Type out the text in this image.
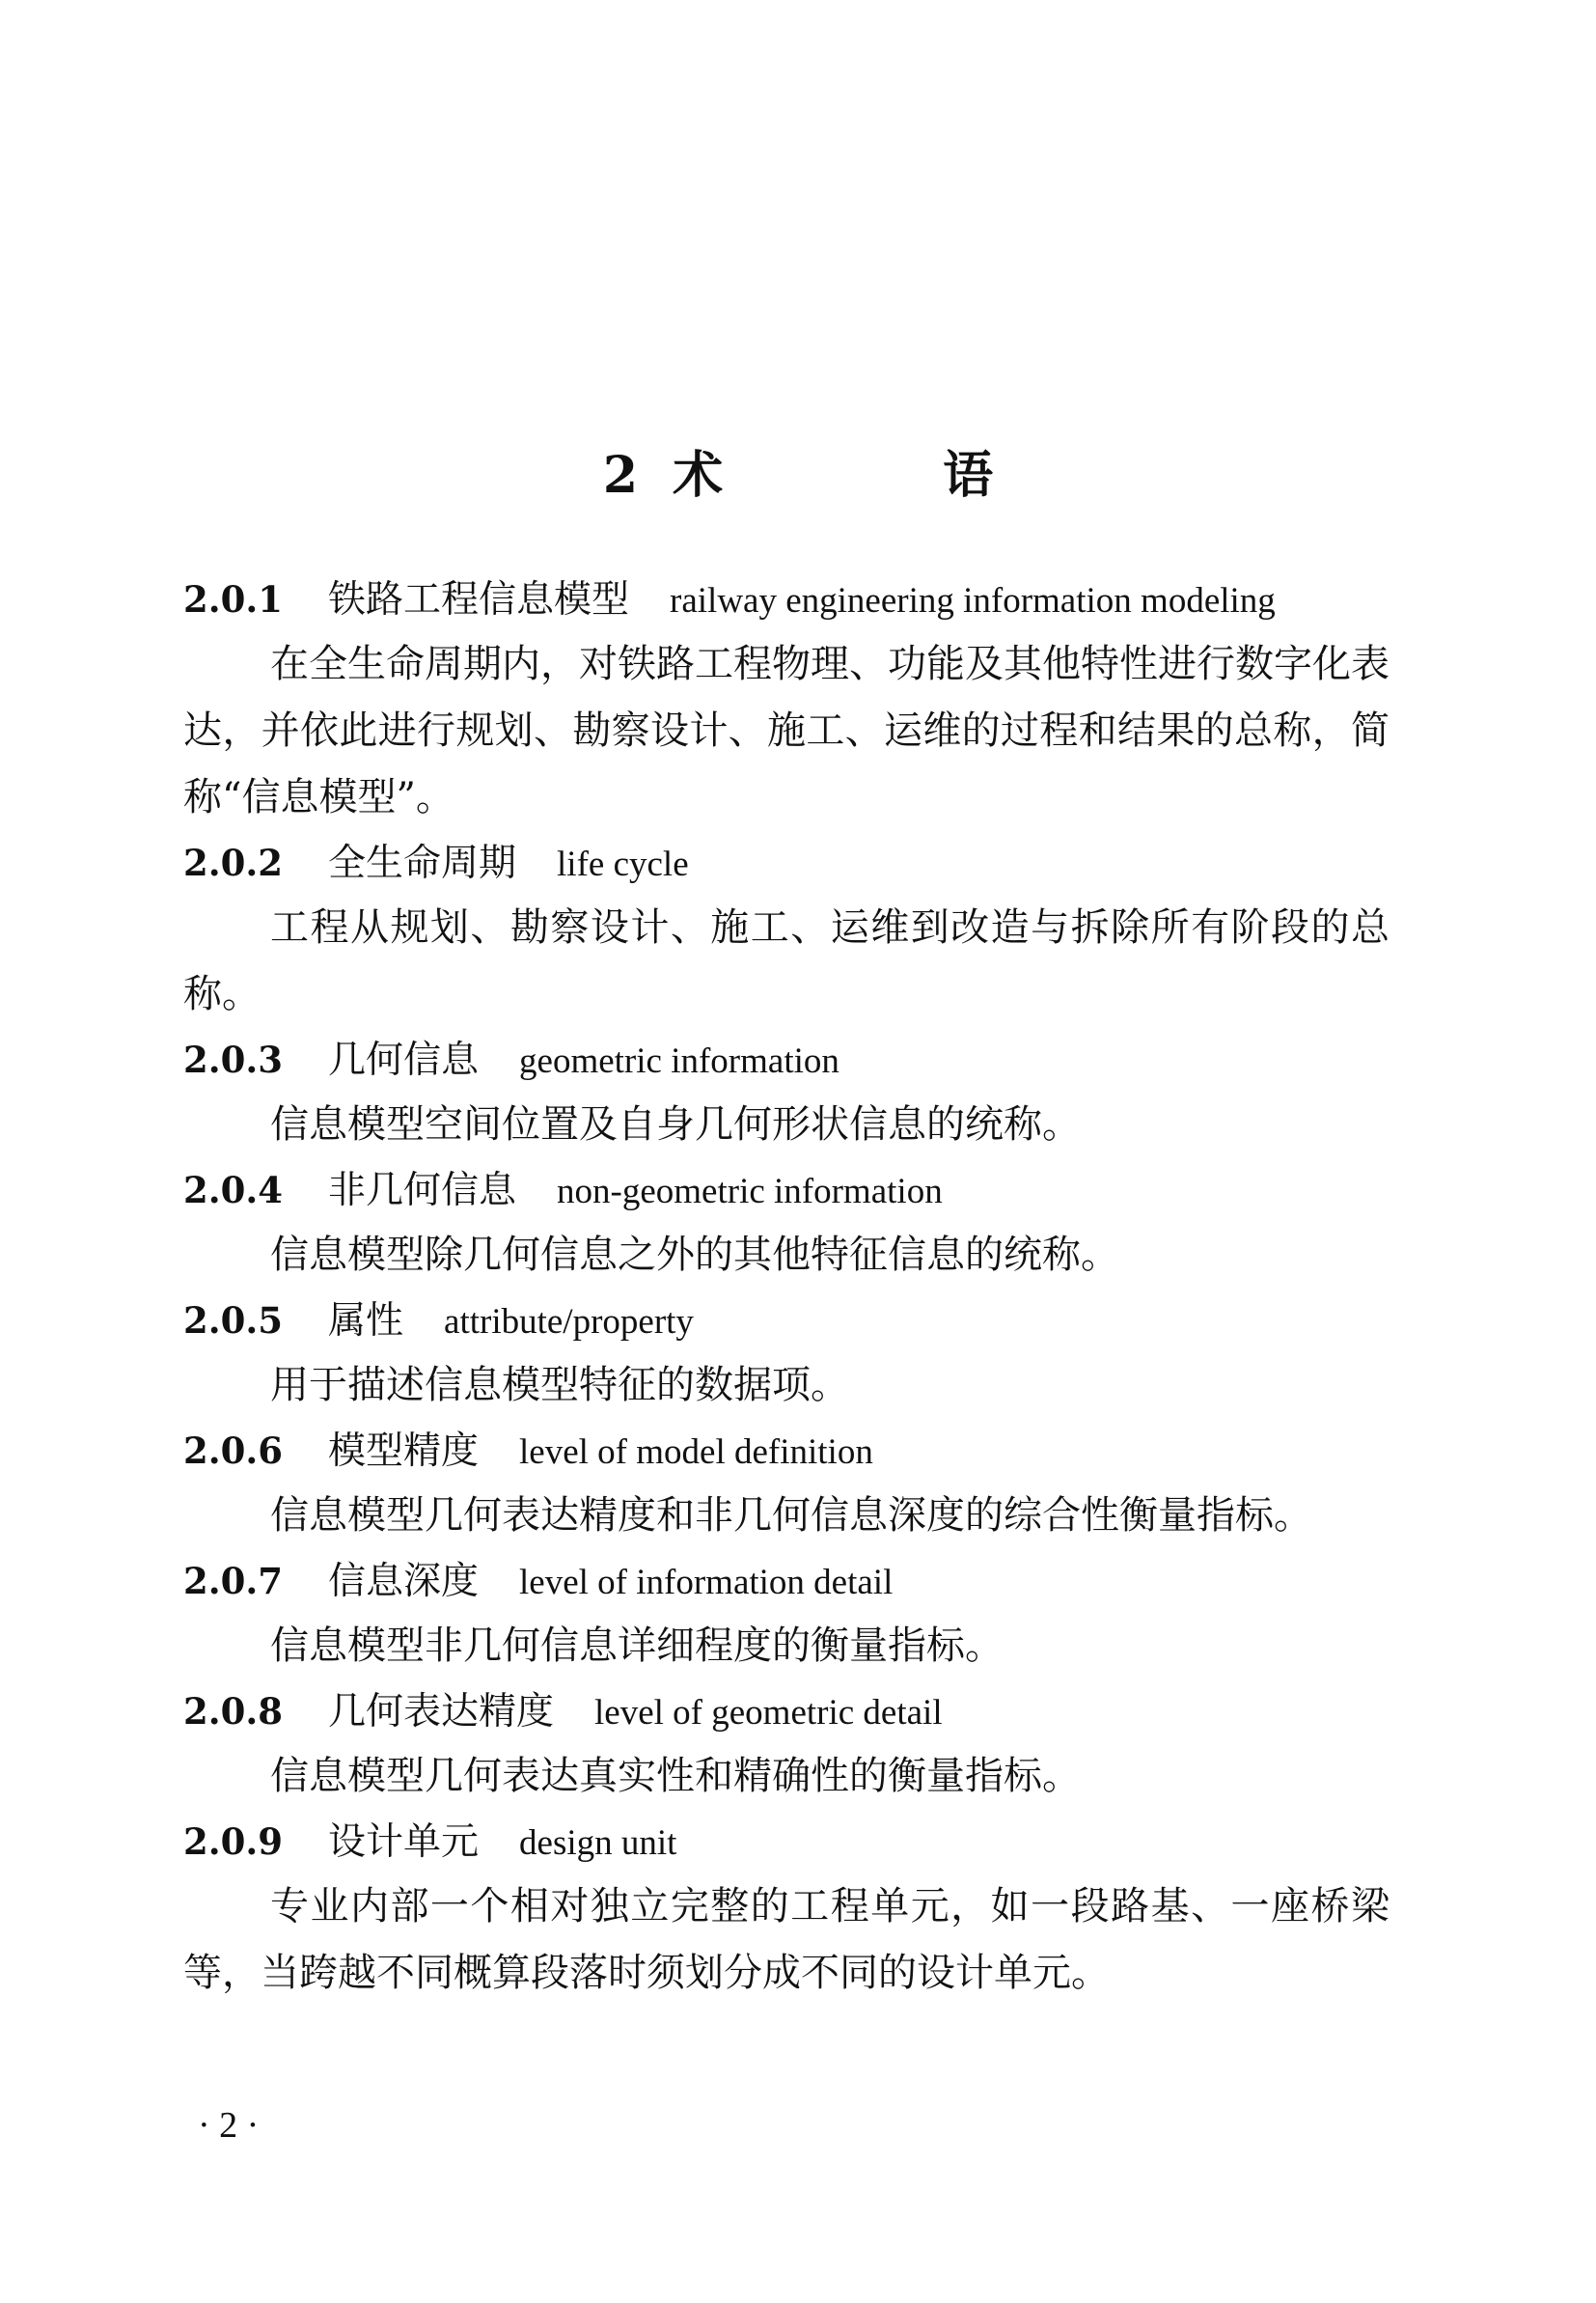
2 术　语
2.0.1 铁路工程信息模型 railway engineering information modeling

在全生命周期内，对铁路工程物理、功能及其他特性进行数字化表达，并依此进行规划、勘察设计、施工、运维的过程和结果的总称，简称“信息模型”。

2.0.2 全生命周期 life cycle

工程从规划、勘察设计、施工、运维到改造与拆除所有阶段的总称。

2.0.3 几何信息 geometric information

信息模型空间位置及自身几何形状信息的统称。

2.0.4 非几何信息 non-geometric information

信息模型除几何信息之外的其他特征信息的统称。

2.0.5 属性 attribute/property

用于描述信息模型特征的数据项。

2.0.6 模型精度 level of model definition

信息模型几何表达精度和非几何信息深度的综合性衡量指标。

2.0.7 信息深度 level of information detail

信息模型非几何信息详细程度的衡量指标。

2.0.8 几何表达精度 level of geometric detail

信息模型几何表达真实性和精确性的衡量指标。

2.0.9 设计单元 design unit

专业内部一个相对独立完整的工程单元，如一段路基、一座桥梁等，当跨越不同概算段落时须划分成不同的设计单元。

· 2 ·
